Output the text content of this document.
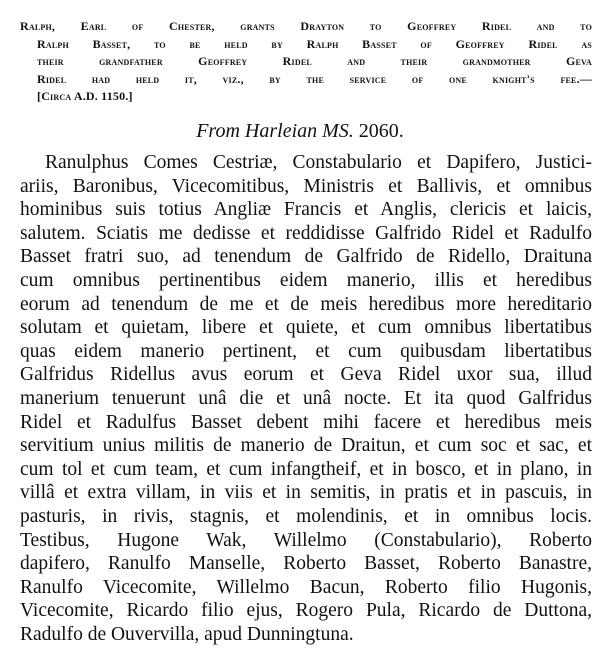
Ralph, Earl of Chester, grants Drayton to Geoffrey Ridel and to
Ralph Basset, to be held by Ralph Basset of Geoffrey Ridel as
their grandfather Geoffrey Ridel and their grandmother Geva
Ridel had held it, viz., by the service of one knight's fee.—
[Circa A.D. 1150.]
From Harleian MS. 2060.
Ranulphus Comes Cestriæ, Constabulario et Dapifero, Justici-
ariis, Baronibus, Vicecomitibus, Ministris et Ballivis, et omnibus
hominibus suis totius Angliæ Francis et Anglis, clericis et laicis,
salutem. Sciatis me dedisse et reddidisse Galfrido Ridel et Radulfo
Basset fratri suo, ad tenendum de Galfrido de Ridello, Draituna
cum omnibus pertinentibus eidem manerio, illis et heredibus
eorum ad tenendum de me et de meis heredibus more hereditario
solutam et quietam, libere et quiete, et cum omnibus libertatibus
quas eidem manerio pertinent, et cum quibusdam libertatibus
Galfridus Ridellus avus eorum et Geva Ridel uxor sua, illud
manerium tenuerunt unâ die et unâ nocte. Et ita quod Galfridus
Ridel et Radulfus Basset debent mihi facere et heredibus meis
servitium unius militis de manerio de Draitun, et cum soc et sac, et
cum tol et cum team, et cum infangtheif, et in bosco, et in plano, in
villâ et extra villam, in viis et in semitis, in pratis et in pascuis, in
pasturis, in rivis, stagnis, et molendinis, et in omnibus locis.
Testibus, Hugone Wak, Willelmo (Constabulario), Roberto
dapifero, Ranulfo Manselle, Roberto Basset, Roberto Banastre,
Ranulfo Vicecomite, Willelmo Bacun, Roberto filio Hugonis,
Vicecomite, Ricardo filio ejus, Rogero Pula, Ricardo de Duttona,
Radulfo de Ouvervilla, apud Dunningtuna.
